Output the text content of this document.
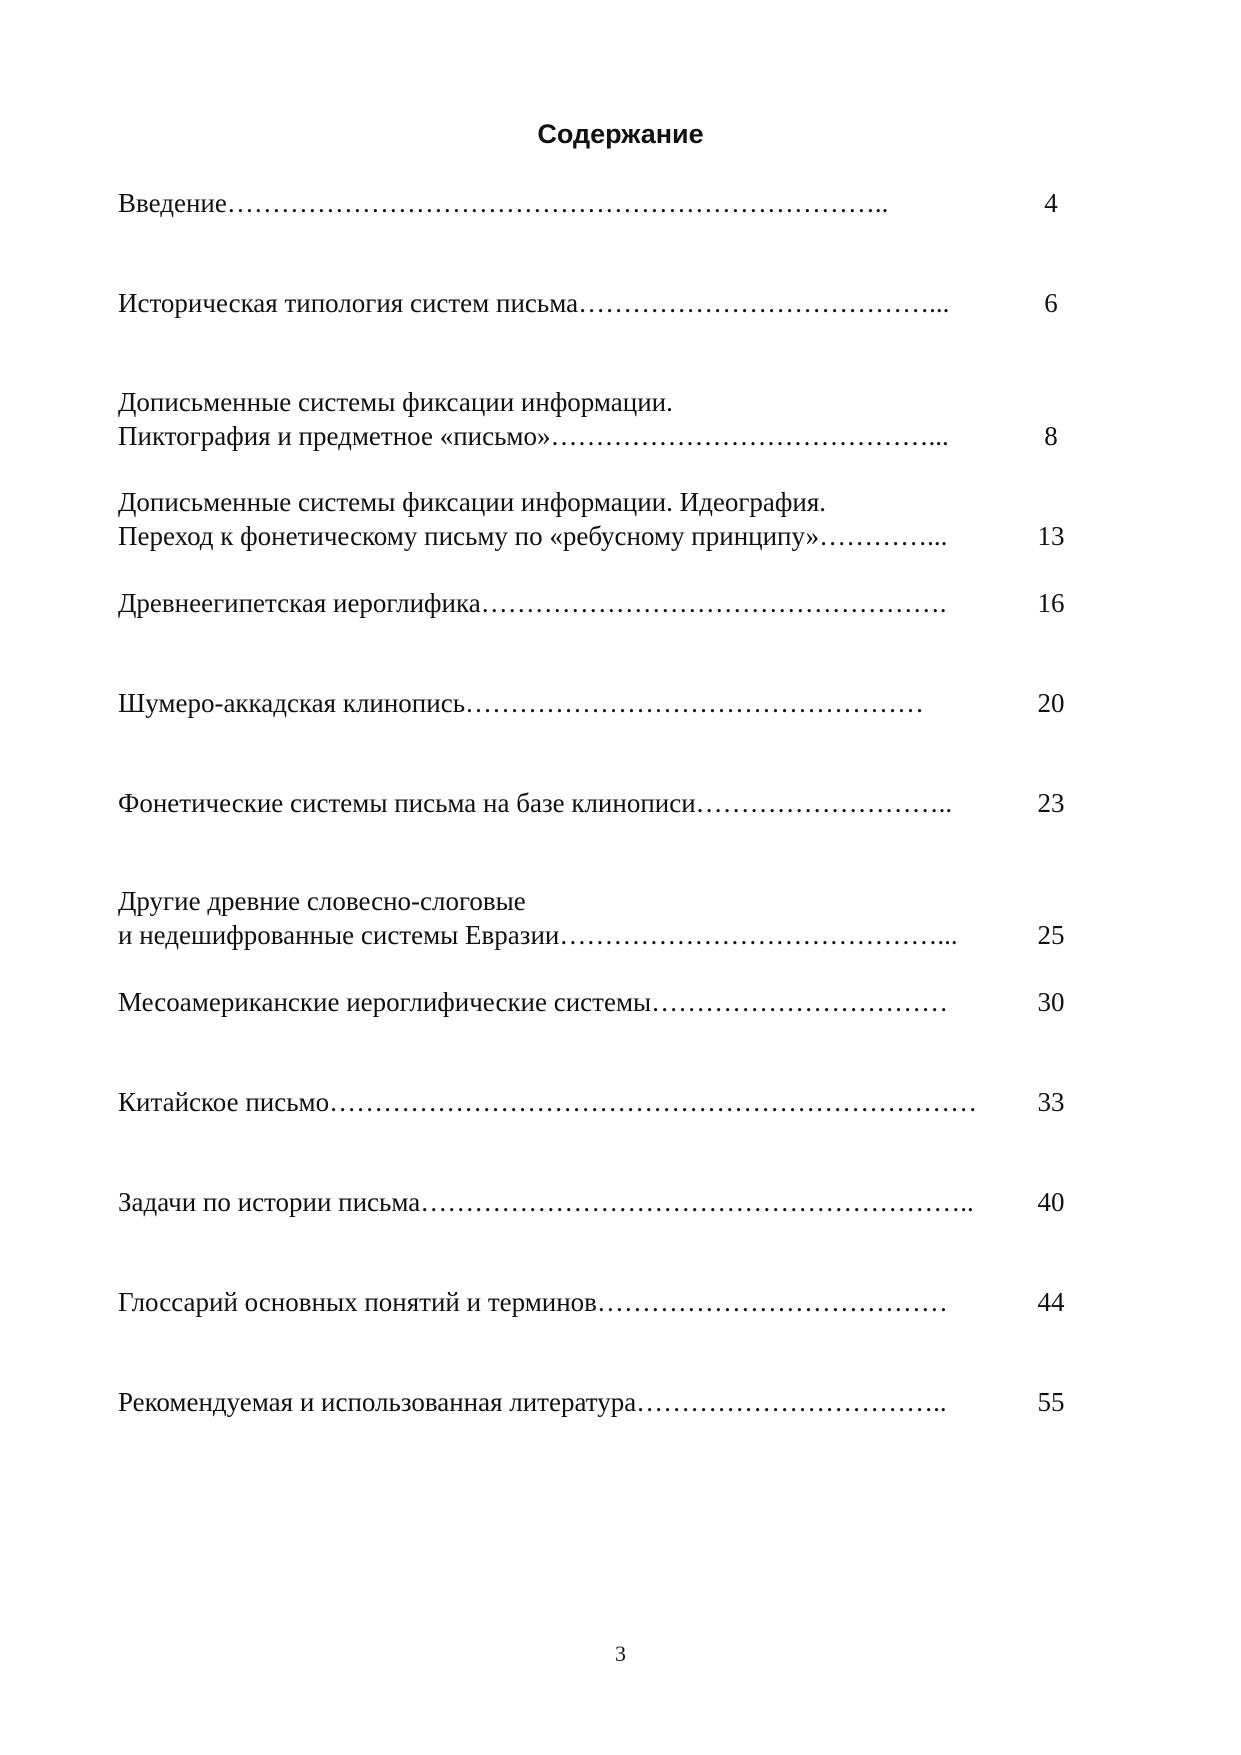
Содержание
Введение………………………………………………………………..	4
Историческая типология систем письма…………………………………...	6
Дописьменные системы фиксации информации.
Пиктография и предметное «письмо»……………………………………...	8
Дописьменные системы фиксации информации. Идеография.
Переход к фонетическому письму по «ребусному принципу»…………...	13
Древнеегипетская иероглифика…………………………………………….	16
Шумеро-аккадская клинопись……………………………………………	20
Фонетические системы письма на базе клинописи………………………..	23
Другие древние словесно-слоговые
и недешифрованные системы Евразии……………………………………...	25
Месоамериканские иероглифические системы……………………………	30
Китайское письмо………………………………………………………………	33
Задачи по истории письма……………………………………………………..	40
Глоссарий основных понятий и терминов…………………………………	44
Рекомендуемая и использованная литература……………………………..	55
3
